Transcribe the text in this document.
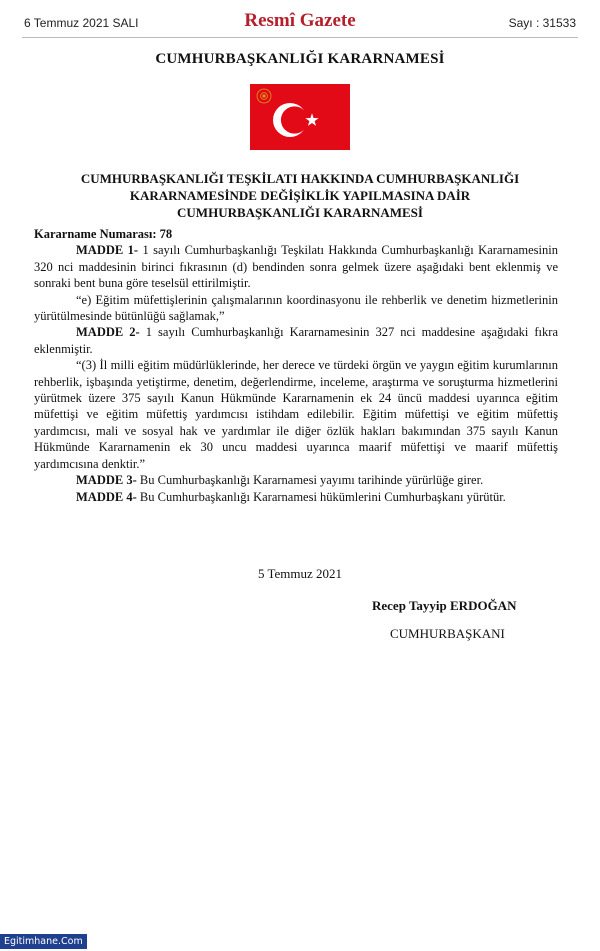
6 Temmuz 2021 SALI	Resmî Gazete	Sayı : 31533
CUMHURBAŞKANLIĞI KARARNAMESİ
CUMHURBAŞKANLIĞI TEŞKİLATI HAKKINDA CUMHURBAŞKANLIĞI
KARARNAMESİNDE DEĞİŞİKLİK YAPILMASINA DAİR
CUMHURBAŞKANLIĞI KARARNAMESİ

Kararname Numarası: 78

MADDE 1- 1 sayılı Cumhurbaşkanlığı Teşkilatı Hakkında Cumhurbaşkanlığı Kararnamesinin 320 nci maddesinin birinci fıkrasının (d) bendinden sonra gelmek üzere aşağıdaki bent eklenmiş ve sonraki bent buna göre teselsül ettirilmiştir.

“e) Eğitim müfettişlerinin çalışmalarının koordinasyonu ile rehberlik ve denetim hizmetlerinin yürütülmesinde bütünlüğü sağlamak,”

MADDE 2- 1 sayılı Cumhurbaşkanlığı Kararnamesinin 327 nci maddesine aşağıdaki fıkra eklenmiştir.

“(3) İl milli eğitim müdürlüklerinde, her derece ve türdeki örgün ve yaygın eğitim kurumlarının rehberlik, işbaşında yetiştirme, denetim, değerlendirme, inceleme, araştırma ve soruşturma hizmetlerini yürütmek üzere 375 sayılı Kanun Hükmünde Kararnamenin ek 24 üncü maddesi uyarınca eğitim müfettişi ve eğitim müfettiş yardımcısı istihdam edilebilir. Eğitim müfettişi ve eğitim müfettiş yardımcısı, mali ve sosyal hak ve yardımlar ile diğer özlük hakları bakımından 375 sayılı Kanun Hükmünde Kararnamenin ek 30 uncu maddesi uyarınca maarif müfettişi ve maarif müfettiş yardımcısına denktir.”

MADDE 3- Bu Cumhurbaşkanlığı Kararnamesi yayımı tarihinde yürürlüğe girer.

MADDE 4- Bu Cumhurbaşkanlığı Kararnamesi hükümlerini Cumhurbaşkanı yürütür.

5 Temmuz 2021
Recep Tayyip ERDOĞAN
CUMHURBAŞKANI
Egitimhane.Com
